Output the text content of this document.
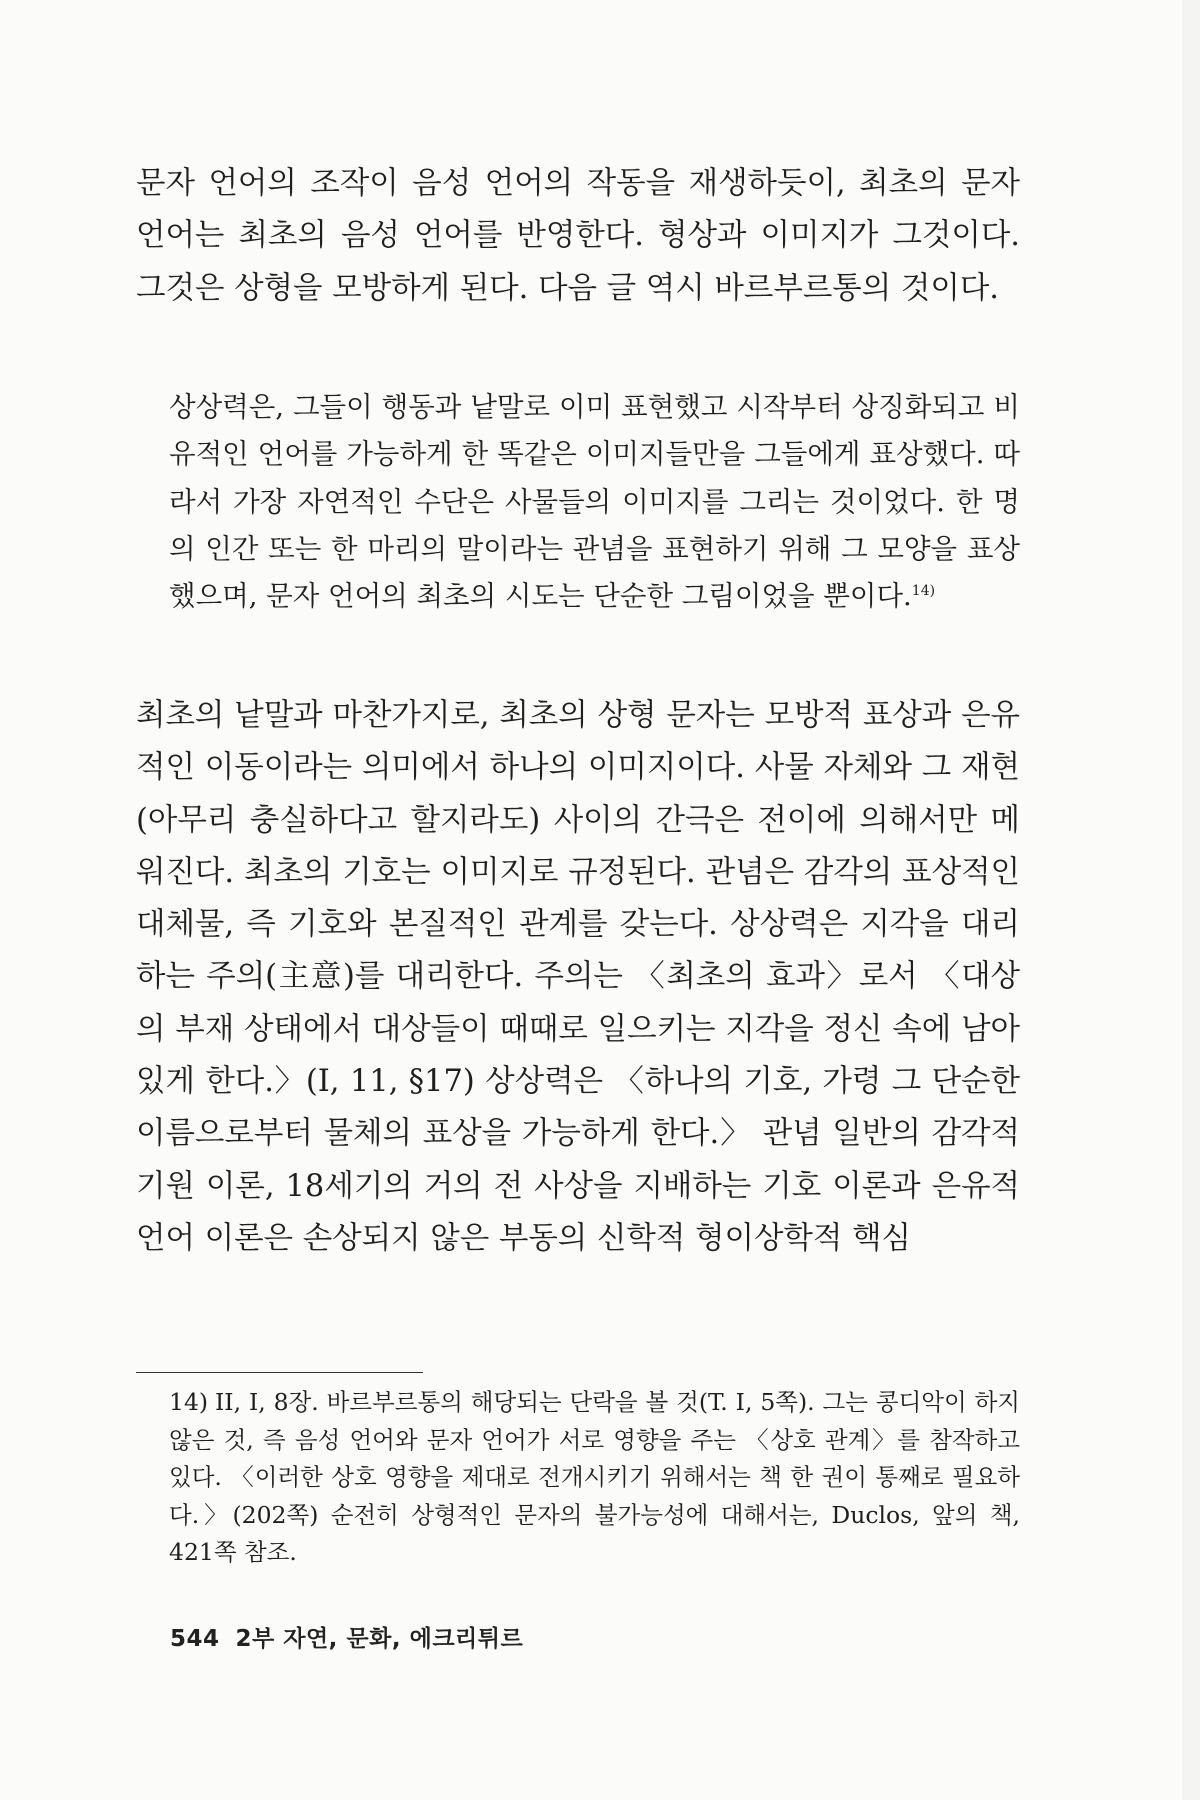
문자 언어의 조작이 음성 언어의 작동을 재생하듯이, 최초의 문자 언어는 최초의 음성 언어를 반영한다. 형상과 이미지가 그것이다. 그것은 상형을 모방하게 된다. 다음 글 역시 바르부르통의 것이다.

상상력은, 그들이 행동과 낱말로 이미 표현했고 시작부터 상징화되고 비유적인 언어를 가능하게 한 똑같은 이미지들만을 그들에게 표상했다. 따라서 가장 자연적인 수단은 사물들의 이미지를 그리는 것이었다. 한 명의 인간 또는 한 마리의 말이라는 관념을 표현하기 위해 그 모양을 표상했으며, 문자 언어의 최초의 시도는 단순한 그림이었을 뿐이다.$^{14)}$

최초의 낱말과 마찬가지로, 최초의 상형 문자는 모방적 표상과 은유적인 이동이라는 의미에서 하나의 이미지이다. 사물 자체와 그 재현(아무리 충실하다고 할지라도) 사이의 간극은 전이에 의해서만 메워진다. 최초의 기호는 이미지로 규정된다. 관념은 감각의 표상적인 대체물, 즉 기호와 본질적인 관계를 갖는다. 상상력은 지각을 대리하는 주의(主意)를 대리한다. 주의는 〈최초의 효과〉로서 〈대상의 부재 상태에서 대상들이 때때로 일으키는 지각을 정신 속에 남아 있게 한다.〉(I, 11, §17) 상상력은 〈하나의 기호, 가령 그 단순한 이름으로부터 물체의 표상을 가능하게 한다.〉 관념 일반의 감각적 기원 이론, 18세기의 거의 전 사상을 지배하는 기호 이론과 은유적 언어 이론은 손상되지 않은 부동의 신학적 형이상학적 핵심

14) II, I, 8장. 바르부르통의 해당되는 단락을 볼 것(T. I, 5쪽). 그는 콩디악이 하지 않은 것, 즉 음성 언어와 문자 언어가 서로 영향을 주는 〈상호 관계〉를 참작하고 있다. 〈이러한 상호 영향을 제대로 전개시키기 위해서는 책 한 권이 통째로 필요하다.〉(202쪽) 순전히 상형적인 문자의 불가능성에 대해서는, Duclos, 앞의 책, 421쪽 참조.
544 2부 자연, 문화, 에크리튀르
